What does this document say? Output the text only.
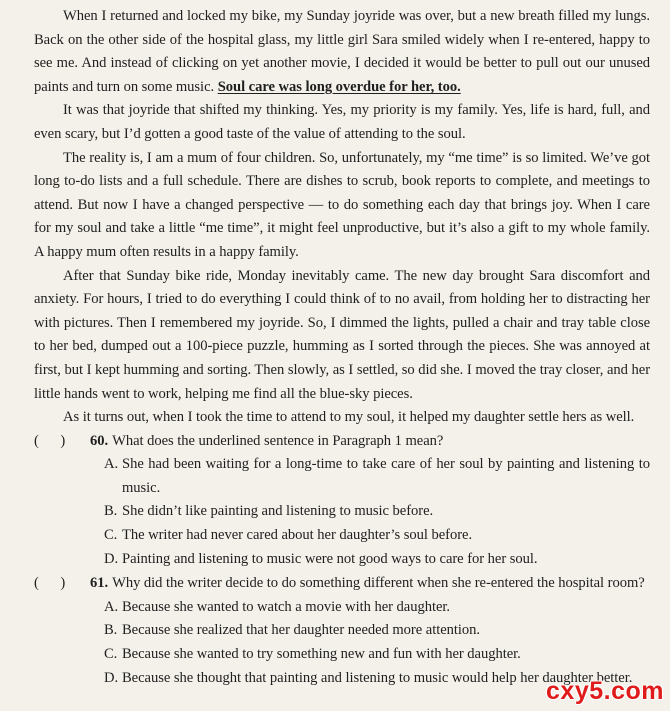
When I returned and locked my bike, my Sunday joyride was over, but a new breath filled my lungs. Back on the other side of the hospital glass, my little girl Sara smiled widely when I re-entered, happy to see me. And instead of clicking on yet another movie, I decided it would be better to pull out our unused paints and turn on some music. Soul care was long overdue for her, too.

It was that joyride that shifted my thinking. Yes, my priority is my family. Yes, life is hard, full, and even scary, but I’d gotten a good taste of the value of attending to the soul.

The reality is, I am a mum of four children. So, unfortunately, my “me time” is so limited. We’ve got long to-do lists and a full schedule. There are dishes to scrub, book reports to complete, and meetings to attend. But now I have a changed perspective — to do something each day that brings joy. When I care for my soul and take a little “me time”, it might feel unproductive, but it’s also a gift to my whole family. A happy mum often results in a happy family.

After that Sunday bike ride, Monday inevitably came. The new day brought Sara discomfort and anxiety. For hours, I tried to do everything I could think of to no avail, from holding her to distracting her with pictures. Then I remembered my joyride. So, I dimmed the lights, pulled a chair and tray table close to her bed, dumped out a 100-piece puzzle, humming as I sorted through the pieces. She was annoyed at first, but I kept humming and sorting. Then slowly, as I settled, so did she. I moved the tray closer, and her little hands went to work, helping me find all the blue-sky pieces.

As it turns out, when I took the time to attend to my soul, it helped my daughter settle hers as well.

(      )	60. What does the underlined sentence in Paragraph 1 mean?
A. She had been waiting for a long-time to take care of her soul by painting and listening to music.
B. She didn’t like painting and listening to music before.
C. The writer had never cared about her daughter’s soul before.
D. Painting and listening to music were not good ways to care for her soul.
(      )	61. Why did the writer decide to do something different when she re-entered the hospital room?
A. Because she wanted to watch a movie with her daughter.
B. Because she realized that her daughter needed more attention.
C. Because she wanted to try something new and fun with her daughter.
D. Because she thought that painting and listening to music would help her daughter better.
cxy5.com
